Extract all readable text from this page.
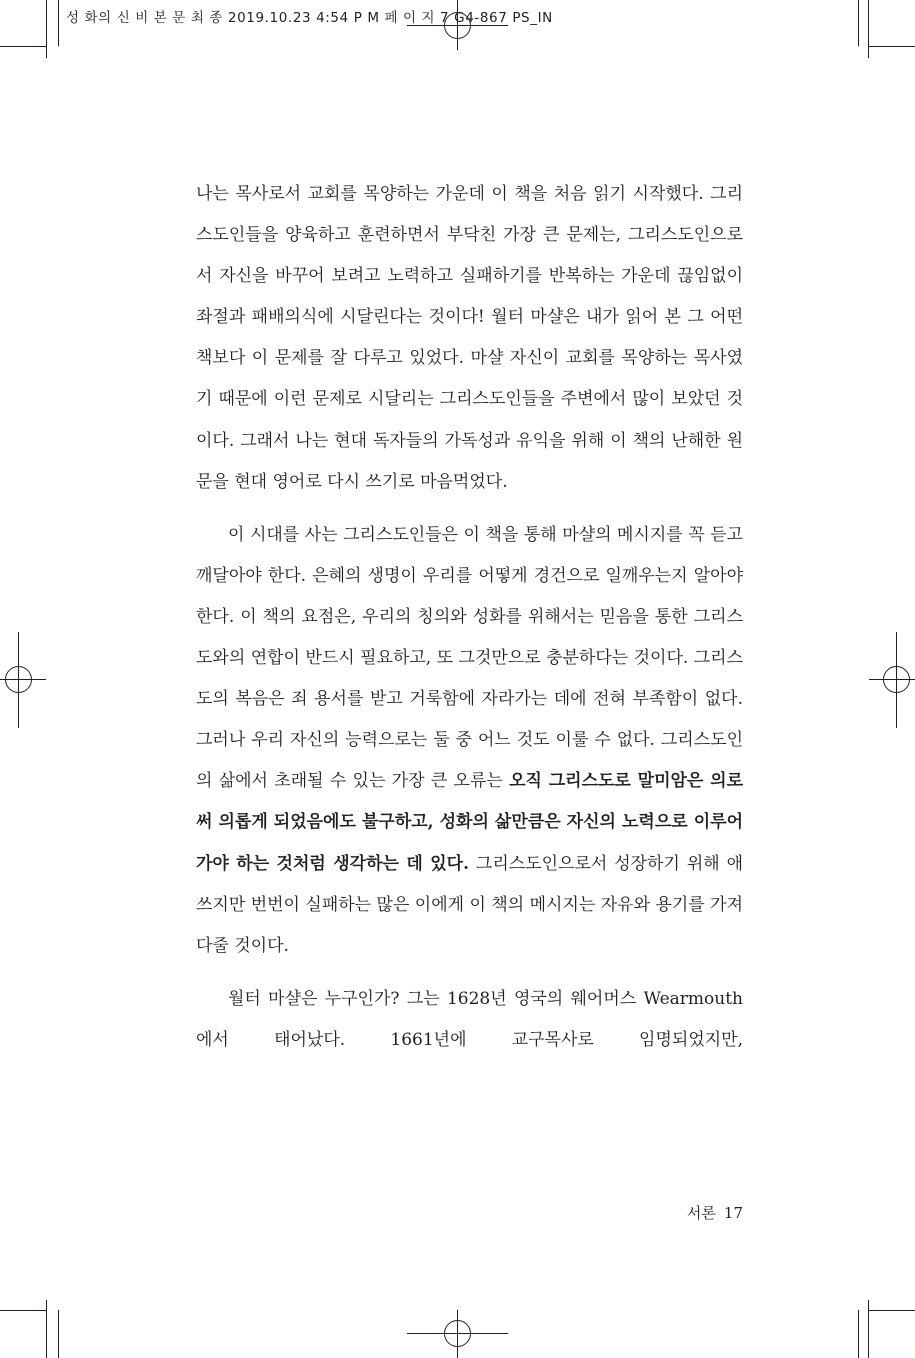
성 화의 신 비 본 문 최 종 2019.10.23 4:54 P M 페 이 지 7 G4-867 PS_IN

나는 목사로서 교회를 목양하는 가운데 이 책을 처음 읽기 시작했다. 그리스도인들을 양육하고 훈련하면서 부닥친 가장 큰 문제는, 그리스도인으로서 자신을 바꾸어 보려고 노력하고 실패하기를 반복하는 가운데 끊임없이 좌절과 패배의식에 시달린다는 것이다! 월터 마샬은 내가 읽어 본 그 어떤 책보다 이 문제를 잘 다루고 있었다. 마샬 자신이 교회를 목양하는 목사였기 때문에 이런 문제로 시달리는 그리스도인들을 주변에서 많이 보았던 것이다. 그래서 나는 현대 독자들의 가독성과 유익을 위해 이 책의 난해한 원문을 현대 영어로 다시 쓰기로 마음먹었다.

이 시대를 사는 그리스도인들은 이 책을 통해 마샬의 메시지를 꼭 듣고 깨달아야 한다. 은혜의 생명이 우리를 어떻게 경건으로 일깨우는지 알아야 한다. 이 책의 요점은, 우리의 칭의와 성화를 위해서는 믿음을 통한 그리스도와의 연합이 반드시 필요하고, 또 그것만으로 충분하다는 것이다. 그리스도의 복음은 죄 용서를 받고 거룩함에 자라가는 데에 전혀 부족함이 없다. 그러나 우리 자신의 능력으로는 둘 중 어느 것도 이룰 수 없다. 그리스도인의 삶에서 초래될 수 있는 가장 큰 오류는 오직 그리스도로 말미암은 의로써 의롭게 되었음에도 불구하고, 성화의 삶만큼은 자신의 노력으로 이루어 가야 하는 것처럼 생각하는 데 있다. 그리스도인으로서 성장하기 위해 애쓰지만 번번이 실패하는 많은 이에게 이 책의 메시지는 자유와 용기를 가져다줄 것이다.

월터 마샬은 누구인가? 그는 1628년 영국의 웨어머스 Wearmouth에서 태어났다. 1661년에 교구목사로 임명되었지만,

서론 17
